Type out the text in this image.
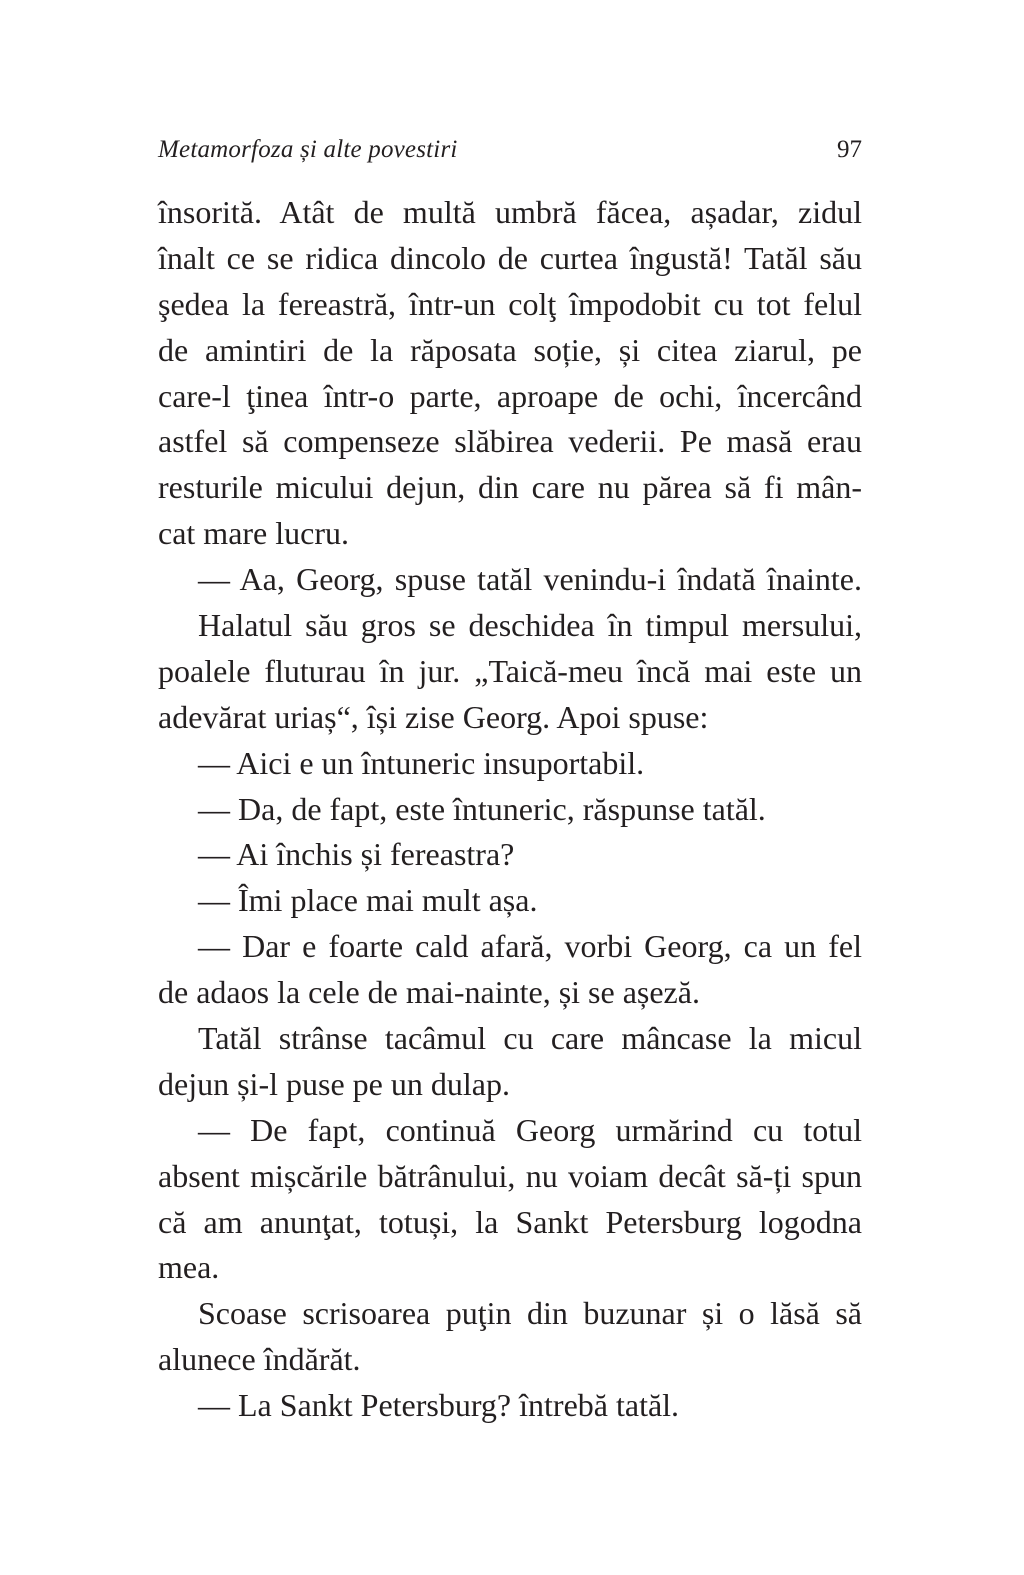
Metamorfoza și alte povestiri	97
însorită. Atât de multă umbră făcea, așadar, zidul
înalt ce se ridica dincolo de curtea îngustă! Tatăl său
şedea la fereastră, într-un colţ împodobit cu tot felul
de amintiri de la răposata soție, și citea ziarul, pe
care-l ţinea într-o parte, aproape de ochi, încercând
astfel să compenseze slăbirea vederii. Pe masă erau
resturile micului dejun, din care nu părea să fi mân-
cat mare lucru.
— Aa, Georg, spuse tatăl venindu-i îndată înainte.
Halatul său gros se deschidea în timpul mersului,
poalele fluturau în jur. „Taică-meu încă mai este un
adevărat uriaș“, își zise Georg. Apoi spuse:
— Aici e un întuneric insuportabil.
— Da, de fapt, este întuneric, răspunse tatăl.
— Ai închis și fereastra?
— Îmi place mai mult așa.
— Dar e foarte cald afară, vorbi Georg, ca un fel
de adaos la cele de mai-nainte, și se așeză.
Tatăl strânse tacâmul cu care mâncase la micul
dejun și-l puse pe un dulap.
— De fapt, continuă Georg urmărind cu totul
absent mișcările bătrânului, nu voiam decât să-ți spun
că am anunţat, totuși, la Sankt Petersburg logodna
mea.
Scoase scrisoarea puţin din buzunar și o lăsă să
alunece îndărăt.
— La Sankt Petersburg? întrebă tatăl.
